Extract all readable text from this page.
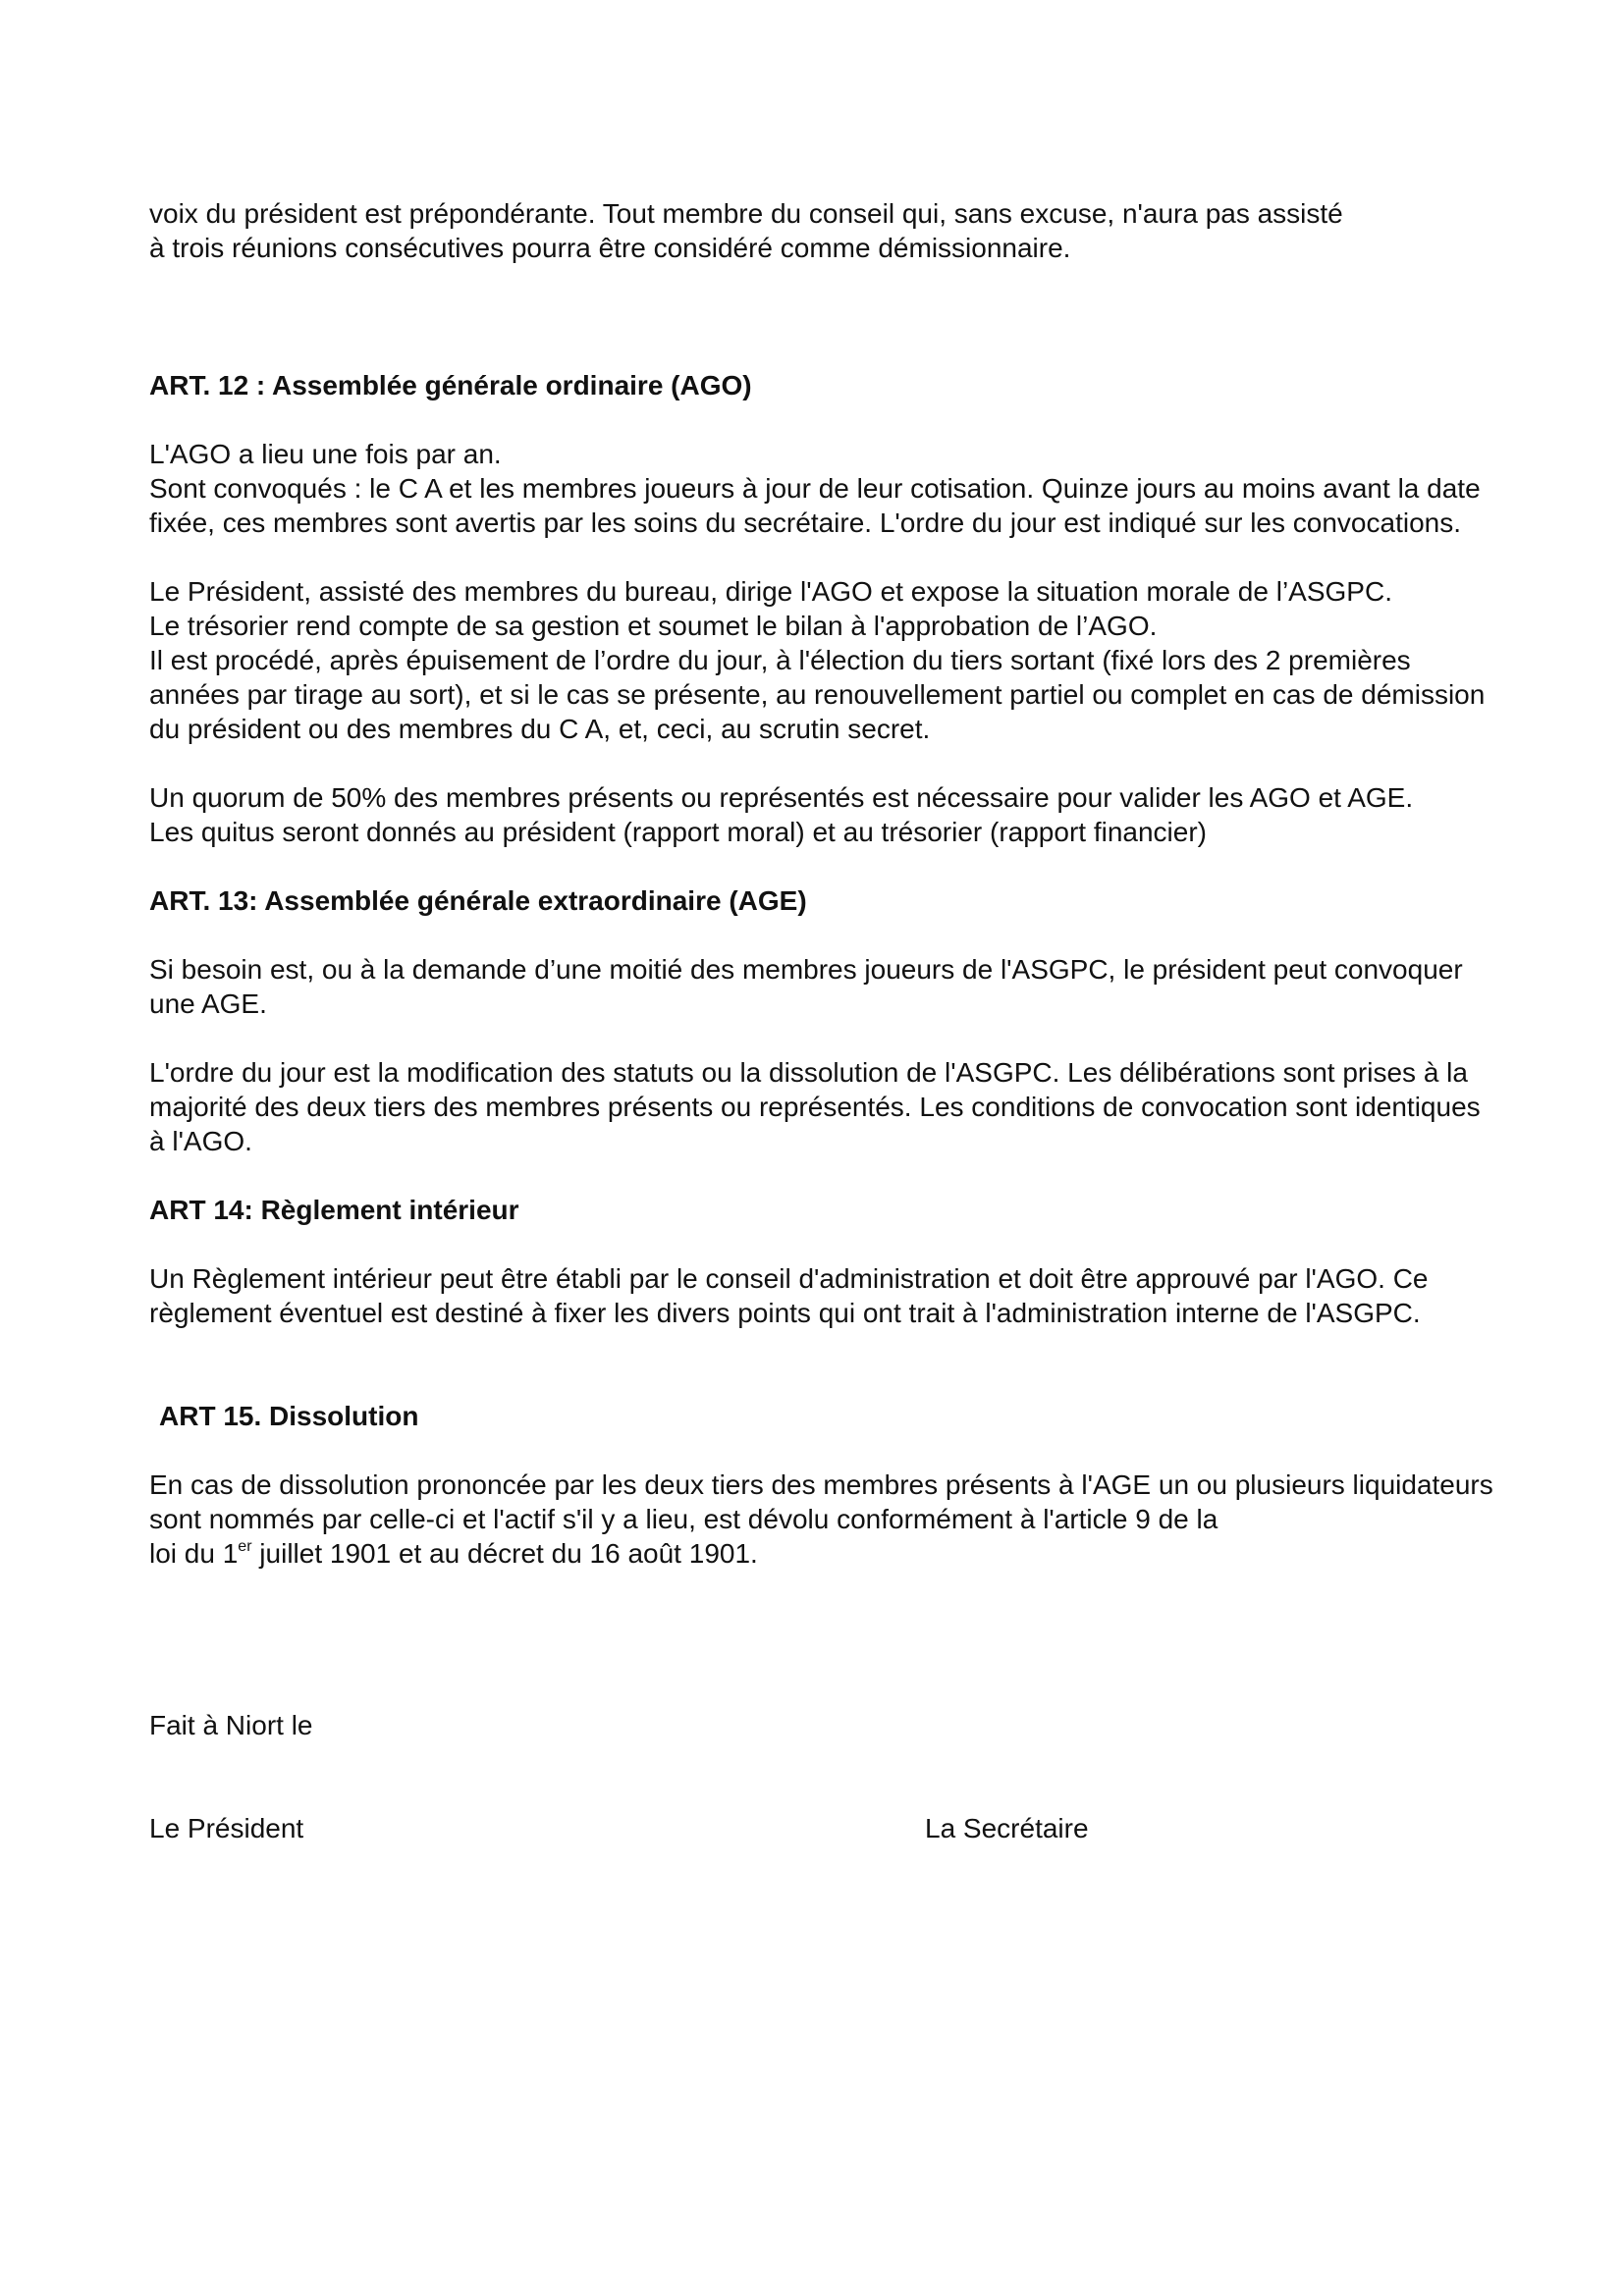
voix du président est prépondérante. Tout membre du conseil qui, sans excuse, n'aura pas assisté

à trois réunions consécutives pourra être considéré comme démissionnaire.

ART. 12 : Assemblée générale ordinaire (AGO)

L'AGO a lieu une fois par an.

Sont convoqués : le C A et les membres joueurs à jour de leur cotisation. Quinze jours au moins avant la date fixée, ces membres sont avertis par les soins du secrétaire. L'ordre du jour est indiqué sur les convocations.

Le Président, assisté des membres du bureau, dirige l'AGO et expose la situation morale de l’ASGPC.

Le trésorier rend compte de sa gestion et soumet le bilan à l'approbation de l’AGO.

Il est procédé, après épuisement de l’ordre du jour, à l'élection du tiers sortant (fixé lors des 2 premières années par tirage au sort), et si le cas se présente, au renouvellement partiel ou complet en cas de démission du président ou des membres du C A, et, ceci, au scrutin secret.

Un quorum de 50% des membres présents ou représentés est nécessaire pour valider les AGO et AGE.

Les quitus seront donnés au président (rapport moral) et au trésorier (rapport financier)

ART. 13: Assemblée générale extraordinaire (AGE)

Si besoin est, ou à la demande d’une moitié des membres joueurs de l'ASGPC, le président peut convoquer une AGE.

L'ordre du jour est la modification des statuts ou la dissolution de l'ASGPC. Les délibérations sont prises à la majorité des deux tiers des membres présents ou représentés. Les conditions de convocation sont identiques à l'AGO.

ART 14: Règlement intérieur

Un Règlement intérieur peut être établi par le conseil d'administration et doit être approuvé par l'AGO. Ce règlement éventuel est destiné à fixer les divers points qui ont trait à l'administration interne de l'ASGPC.

ART 15. Dissolution

En cas de dissolution prononcée par les deux tiers des membres présents à l'AGE un ou plusieurs liquidateurs sont nommés par celle-ci et l'actif s'il y a lieu, est dévolu conformément à l'article 9 de la
loi du 1er juillet 1901 et au décret du 16 août 1901.

Fait à Niort le

Le Président	La Secrétaire
